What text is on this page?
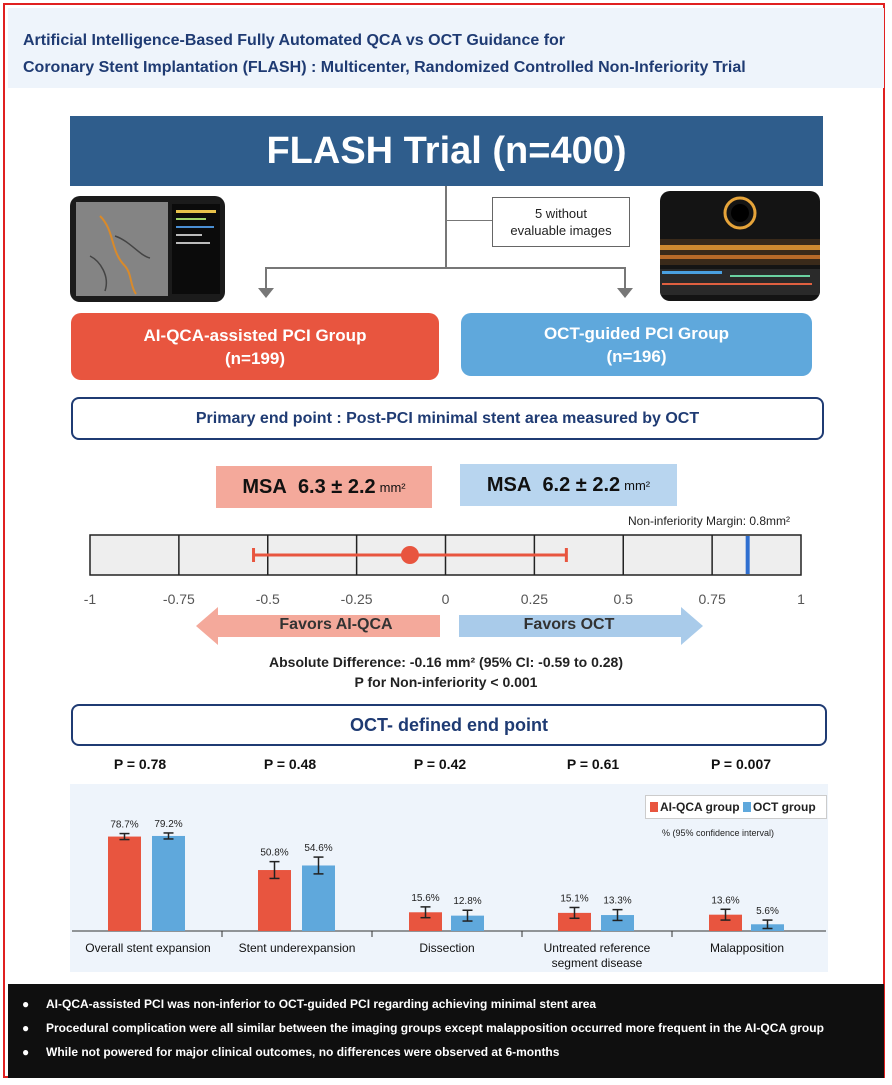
Artificial Intelligence-Based Fully Automated QCA vs OCT Guidance for
Coronary Stent Implantation (FLASH) : Multicenter, Randomized Controlled Non-Inferiority Trial
FLASH Trial (n=400)
5 without
evaluable images
AI-QCA-assisted PCI Group
(n=199)
OCT-guided PCI Group
(n=196)
Primary end point : Post-PCI minimal stent area measured by OCT
MSA
6.3 ± 2.2 mm²	MSA
6.2 ± 2.2 mm²
Non-inferiority Margin: 0.8mm²
-1	-0.75	-0.5	-0.25	0	0.25	0.5	0.75	1
Favors AI-QCA	Favors OCT
Absolute Difference: -0.16 mm² (95% CI: -0.59 to 0.28)
P for Non-inferiority < 0.001
OCT- defined end point
P = 0.78	P = 0.48	P = 0.42	P = 0.61	P = 0.007
78.7%
50.8%
15.6%	15.1%	13.6%
79.2%
54.6%
12.8%	13.3%
5.6%
AI-QCA group OCT group
% (95% confidence interval)
Overall stent expansion	Stent underexpansion	Dissection	Untreated reference
segment disease
Malapposition
● AI-QCA-assisted PCI was non-inferior to OCT-guided PCI regarding achieving minimal stent area
● Procedural complication were all similar between the imaging groups except malapposition occurred more frequent in the AI-QCA group
● While not powered for major clinical outcomes, no differences were observed at 6-months
